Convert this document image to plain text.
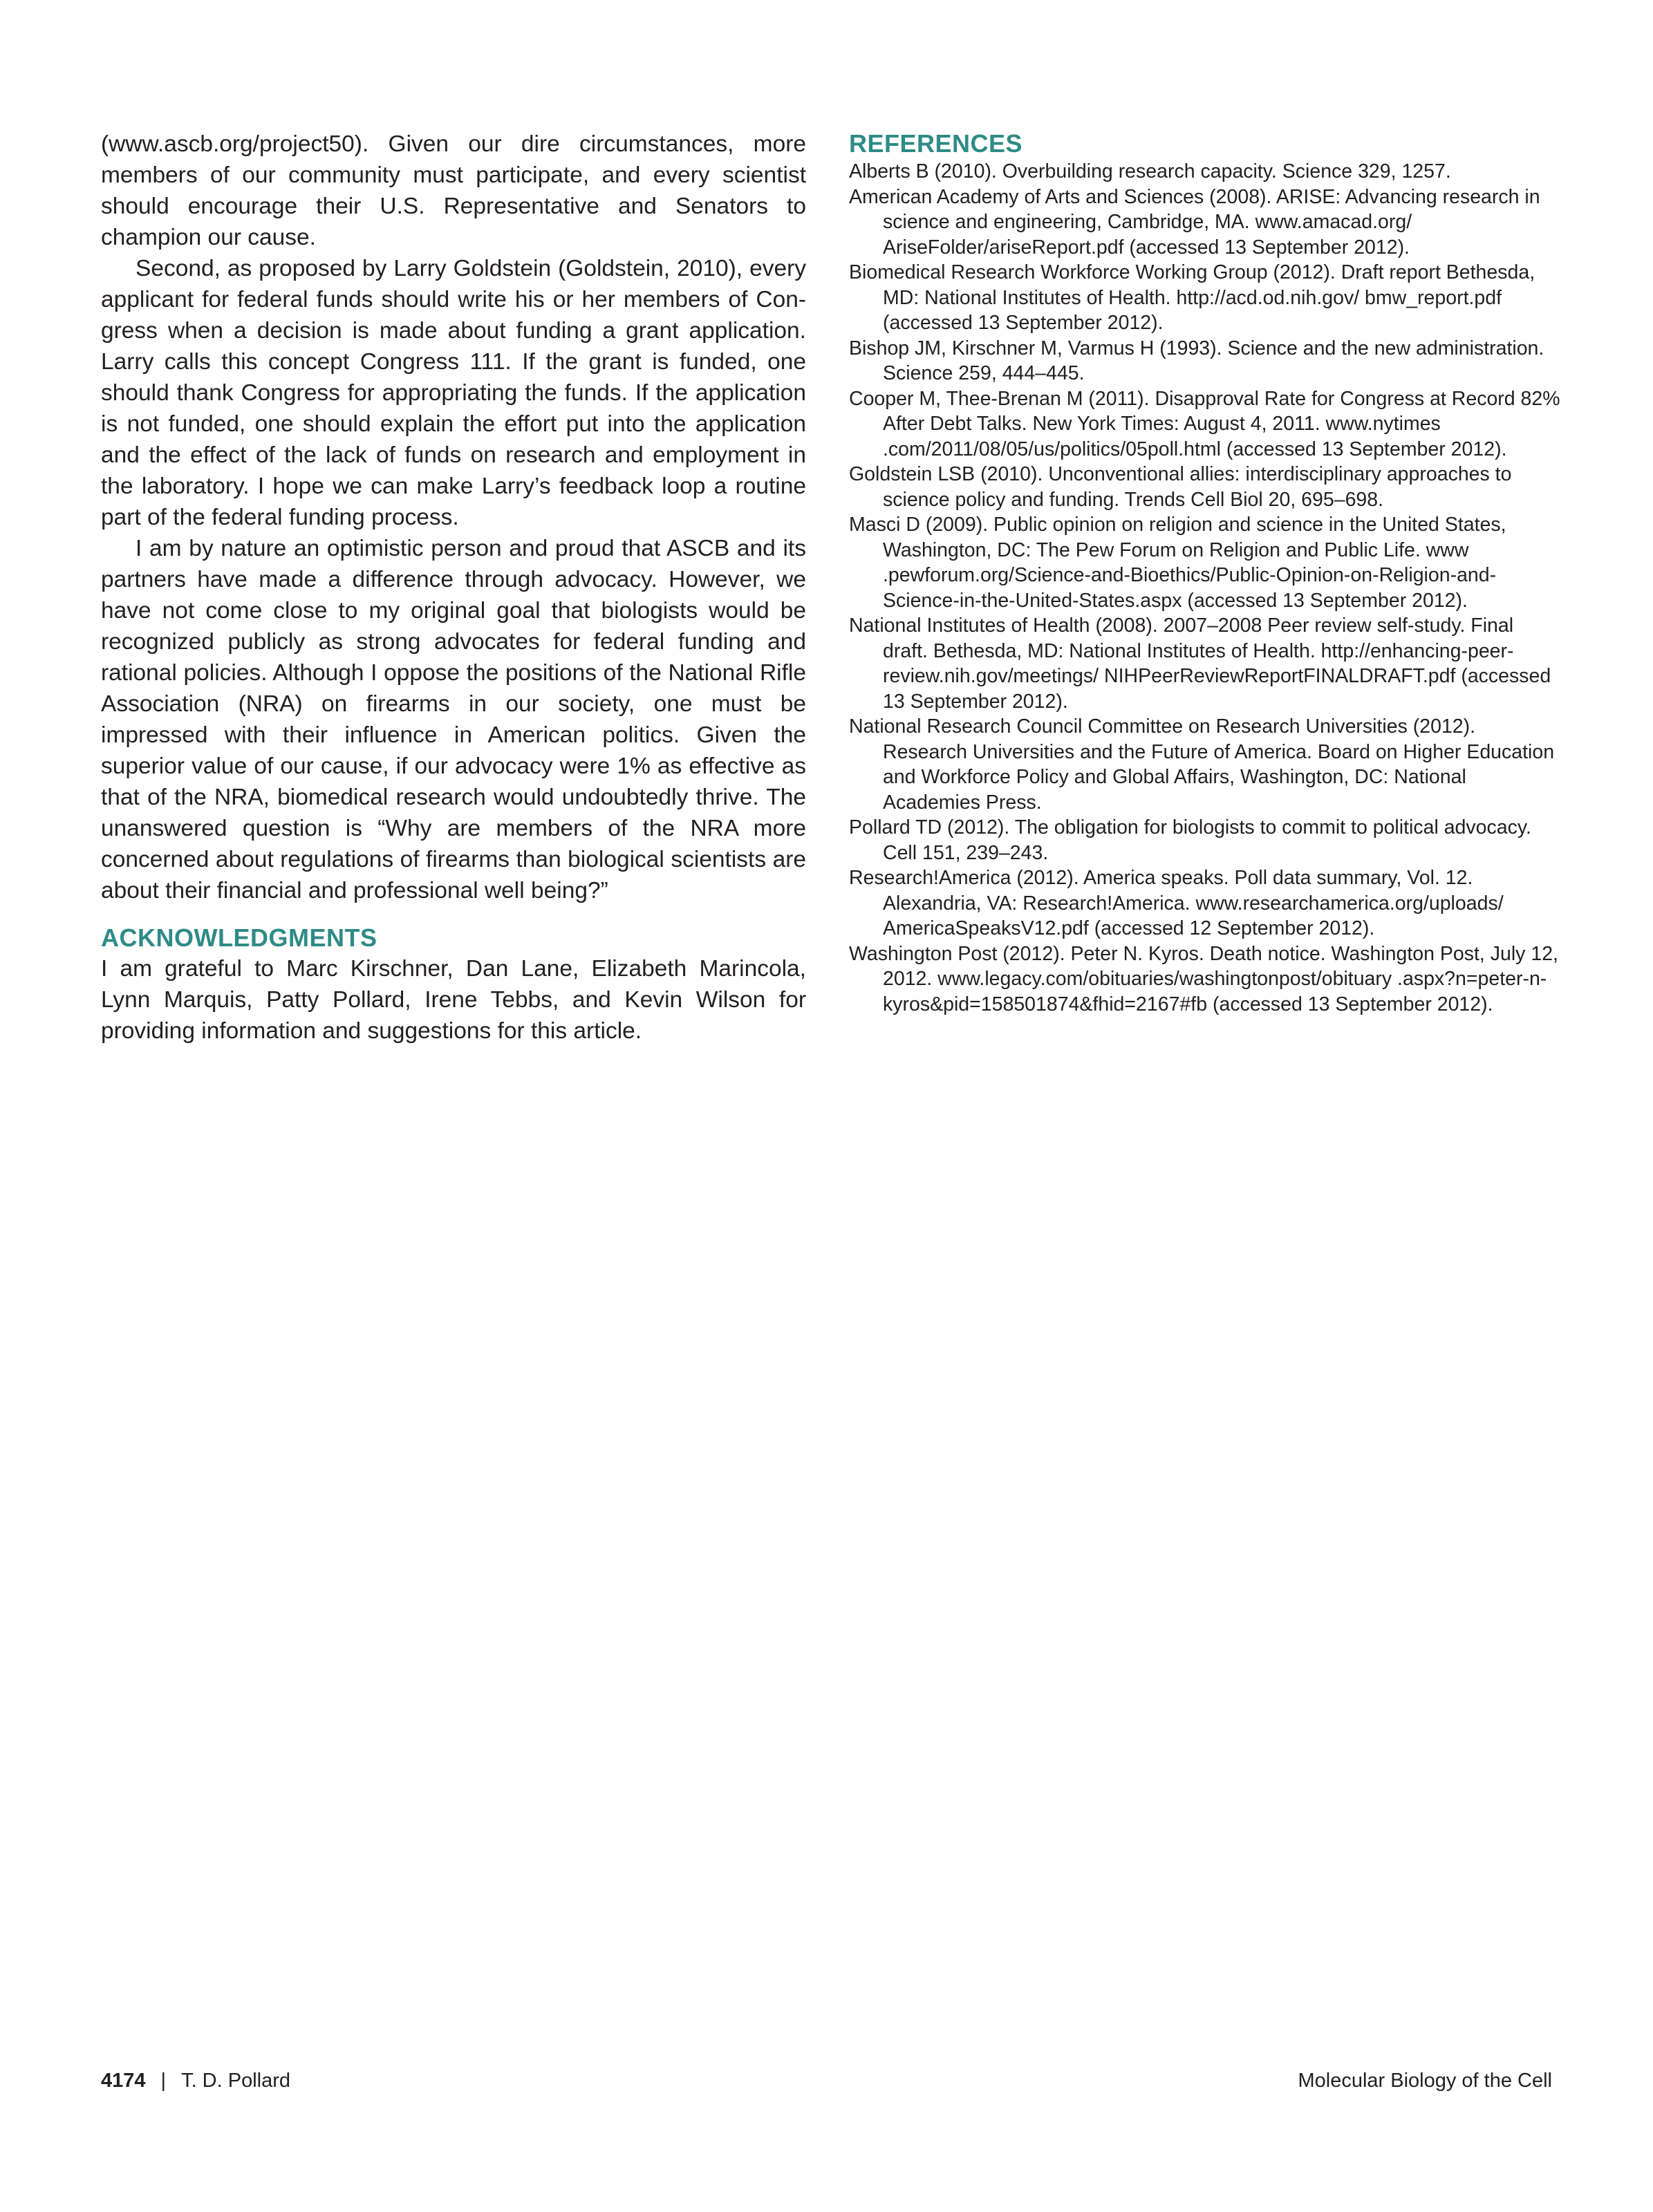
(www.ascb.org/project50). Given our dire circumstances, more members of our community must participate, and every scientist should encourage their U.S. Representative and Senators to champion our cause.

Second, as proposed by Larry Goldstein (Goldstein, 2010), every applicant for federal funds should write his or her members of Congress when a decision is made about funding a grant application. Larry calls this concept Congress 111. If the grant is funded, one should thank Congress for appropriating the funds. If the application is not funded, one should explain the effort put into the application and the effect of the lack of funds on research and employment in the laboratory. I hope we can make Larry’s feedback loop a routine part of the federal funding process.

I am by nature an optimistic person and proud that ASCB and its partners have made a difference through advocacy. However, we have not come close to my original goal that biologists would be recognized publicly as strong advocates for federal funding and rational policies. Although I oppose the positions of the National Rifle Association (NRA) on firearms in our society, one must be impressed with their influence in American politics. Given the superior value of our cause, if our advocacy were 1% as effective as that of the NRA, biomedical research would undoubtedly thrive. The unanswered question is “Why are members of the NRA more concerned about regulations of firearms than biological scientists are about their financial and professional well being?”

ACKNOWLEDGMENTS

I am grateful to Marc Kirschner, Dan Lane, Elizabeth Marincola, Lynn Marquis, Patty Pollard, Irene Tebbs, and Kevin Wilson for providing information and suggestions for this article.

REFERENCES
Alberts B (2010). Overbuilding research capacity. Science 329, 1257.
American Academy of Arts and Sciences (2008). ARISE: Advancing research in science and engineering, Cambridge, MA. www.amacad.org/ AriseFolder/ariseReport.pdf (accessed 13 September 2012).
Biomedical Research Workforce Working Group (2012). Draft report Bethesda, MD: National Institutes of Health. http://acd.od.nih.gov/ bmw_report.pdf (accessed 13 September 2012).
Bishop JM, Kirschner M, Varmus H (1993). Science and the new administration. Science 259, 444–445.
Cooper M, Thee-Brenan M (2011). Disapproval Rate for Congress at Record 82% After Debt Talks. New York Times: August 4, 2011. www.nytimes .com/2011/08/05/us/politics/05poll.html (accessed 13 September 2012).
Goldstein LSB (2010). Unconventional allies: interdisciplinary approaches to science policy and funding. Trends Cell Biol 20, 695–698.
Masci D (2009). Public opinion on religion and science in the United States, Washington, DC: The Pew Forum on Religion and Public Life. www .pewforum.org/Science-and-Bioethics/Public-Opinion-on-Religion-and-Science-in-the-United-States.aspx (accessed 13 September 2012).
National Institutes of Health (2008). 2007–2008 Peer review self-study. Final draft. Bethesda, MD: National Institutes of Health. http://enhancing-peer-review.nih.gov/meetings/ NIHPeerReviewReportFINALDRAFT.pdf (accessed 13 September 2012).
National Research Council Committee on Research Universities (2012). Research Universities and the Future of America. Board on Higher Education and Workforce Policy and Global Affairs, Washington, DC: National Academies Press.
Pollard TD (2012). The obligation for biologists to commit to political advocacy. Cell 151, 239–243.
Research!America (2012). America speaks. Poll data summary, Vol. 12. Alexandria, VA: Research!America. www.researchamerica.org/uploads/ AmericaSpeaksV12.pdf (accessed 12 September 2012).
Washington Post (2012). Peter N. Kyros. Death notice. Washington Post, July 12, 2012. www.legacy.com/obituaries/washingtonpost/obituary .aspx?n=peter-n-kyros&pid=158501874&fhid=2167#fb (accessed 13 September 2012).
4174 | T. D. Pollard	Molecular Biology of the Cell
